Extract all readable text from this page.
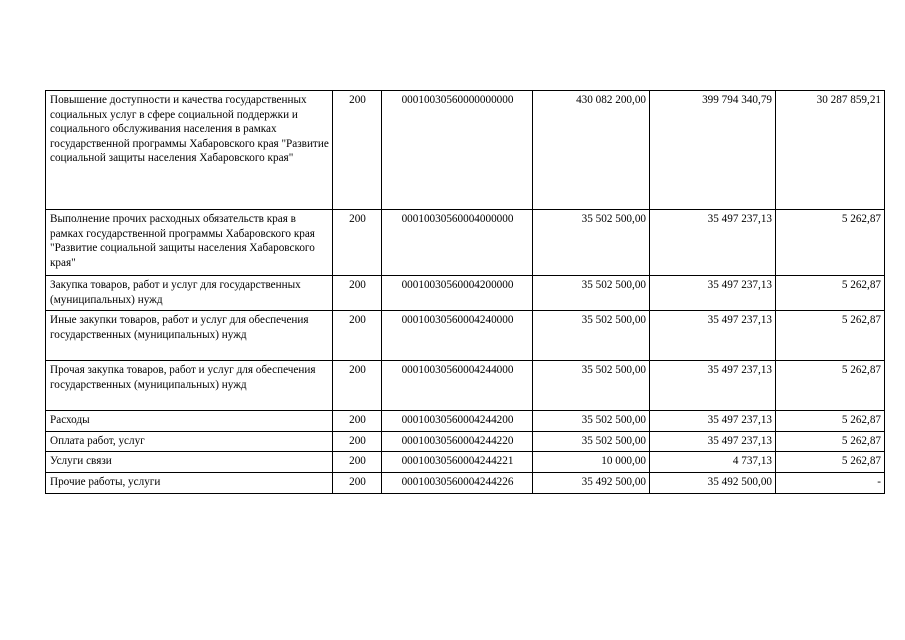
Повышение доступности и качества государственных социальных услуг в сфере социальной поддержки и социального обслуживания населения в рамках государственной программы Хабаровского края "Развитие социальной защиты населения Хабаровского края"	200	00010030560000000000	430 082 200,00	399 794 340,79	30 287 859,21
Выполнение прочих расходных обязательств края в рамках государственной программы Хабаровского края "Развитие социальной защиты населения Хабаровского края"	200	00010030560004000000	35 502 500,00	35 497 237,13	5 262,87
Закупка товаров, работ и услуг для государственных (муниципальных) нужд	200	00010030560004200000	35 502 500,00	35 497 237,13	5 262,87
Иные закупки товаров, работ и услуг для обеспечения государственных (муниципальных) нужд	200	00010030560004240000	35 502 500,00	35 497 237,13	5 262,87
Прочая закупка товаров, работ и услуг для обеспечения государственных (муниципальных) нужд	200	00010030560004244000	35 502 500,00	35 497 237,13	5 262,87
Расходы	200	00010030560004244200	35 502 500,00	35 497 237,13	5 262,87
Оплата работ, услуг	200	00010030560004244220	35 502 500,00	35 497 237,13	5 262,87
Услуги связи	200	00010030560004244221	10 000,00	4 737,13	5 262,87
Прочие работы, услуги	200	00010030560004244226	35 492 500,00	35 492 500,00	-
